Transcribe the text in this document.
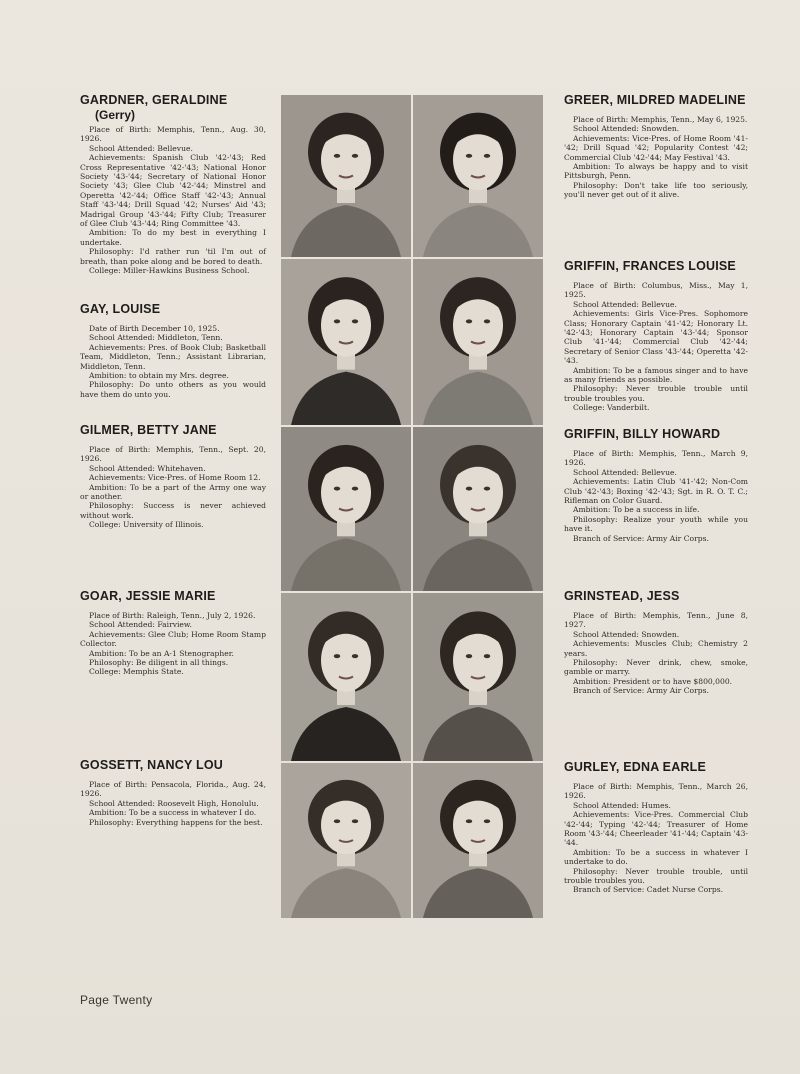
GARDNER, GERALDINE
(Gerry)

Place of Birth: Memphis, Tenn., Aug. 30, 1926.

School Attended: Bellevue.

Achievements: Spanish Club '42-'43; Red Cross Representative '42-'43; National Honor Society '43-'44; Secretary of National Honor Society '43; Glee Club '42-'44; Minstrel and Operetta '42-'44; Office Staff '42-'43; Annual Staff '43-'44; Drill Squad '42; Nurses' Aid '43; Madrigal Group '43-'44; Fifty Club; Treasurer of Glee Club '43-'44; Ring Committee '43.

Ambition: To do my best in everything I undertake.

Philosophy: I'd rather run 'til I'm out of breath, than poke along and be bored to death.

College: Miller-Hawkins Business School.

GAY, LOUISE

Date of Birth December 10, 1925.

School Attended: Middleton, Tenn.

Achievements: Pres. of Book Club; Basketball Team, Middleton, Tenn.; Assistant Librarian, Middleton, Tenn.

Ambition: to obtain my Mrs. degree.

Philosophy: Do unto others as you would have them do unto you.

GILMER, BETTY JANE

Place of Birth: Memphis, Tenn., Sept. 20, 1926.

School Attended: Whitehaven.

Achievements: Vice-Pres. of Home Room 12.

Ambition: To be a part of the Army one way or another.

Philosophy: Success is never achieved without work.

College: University of Illinois.

GOAR, JESSIE MARIE

Place of Birth: Raleigh, Tenn., July 2, 1926.

School Attended: Fairview.

Achievements: Glee Club; Home Room Stamp Collector.

Ambition: To be an A-1 Stenographer.

Philosophy: Be diligent in all things.

College: Memphis State.

GOSSETT, NANCY LOU

Place of Birth: Pensacola, Florida., Aug. 24, 1926.

School Attended: Roosevelt High, Honolulu.

Ambition: To be a success in whatever I do.

Philosophy: Everything happens for the best.

GREER, MILDRED MADELINE

Place of Birth: Memphis, Tenn., May 6, 1925.

School Attended: Snowden.

Achievements: Vice-Pres. of Home Room '41-'42; Drill Squad '42; Popularity Contest '42; Commercial Club '42-'44; May Festival '43.

Ambition: To always be happy and to visit Pittsburgh, Penn.

Philosophy: Don't take life too seriously, you'll never get out of it alive.

GRIFFIN, FRANCES LOUISE

Place of Birth: Columbus, Miss., May 1, 1925.

School Attended: Bellevue.

Achievements: Girls Vice-Pres. Sophomore Class; Honorary Captain '41-'42; Honorary Lt. '42-'43; Honorary Captain '43-'44; Sponsor Club '41-'44; Commercial Club '42-'44; Secretary of Senior Class '43-'44; Operetta '42-'43.

Ambition: To be a famous singer and to have as many friends as possible.

Philosophy: Never trouble trouble until trouble troubles you.

College: Vanderbilt.

GRIFFIN, BILLY HOWARD

Place of Birth: Memphis, Tenn., March 9, 1926.

School Attended: Bellevue.

Achievements: Latin Club '41-'42; Non-Com Club '42-'43; Boxing '42-'43; Sgt. in R. O. T. C.; Rifleman on Color Guard.

Ambition: To be a success in life.

Philosophy: Realize your youth while you have it.

Branch of Service: Army Air Corps.

GRINSTEAD, JESS

Place of Birth: Memphis, Tenn., June 8, 1927.

School Attended: Snowden.

Achievements: Muscles Club; Chemistry 2 years.

Philosophy: Never drink, chew, smoke, gamble or marry.

Ambition: President or to have $800,000.

Branch of Service: Army Air Corps.

GURLEY, EDNA EARLE

Place of Birth: Memphis, Tenn., March 26, 1926.

School Attended: Humes.

Achievements: Vice-Pres. Commercial Club '42-'44; Typing '42-'44; Treasurer of Home Room '43-'44; Cheerleader '41-'44; Captain '43-'44.

Ambition: To be a success in whatever I undertake to do.

Philosophy: Never trouble trouble, until trouble troubles you.

Branch of Service: Cadet Nurse Corps.

Page Twenty
